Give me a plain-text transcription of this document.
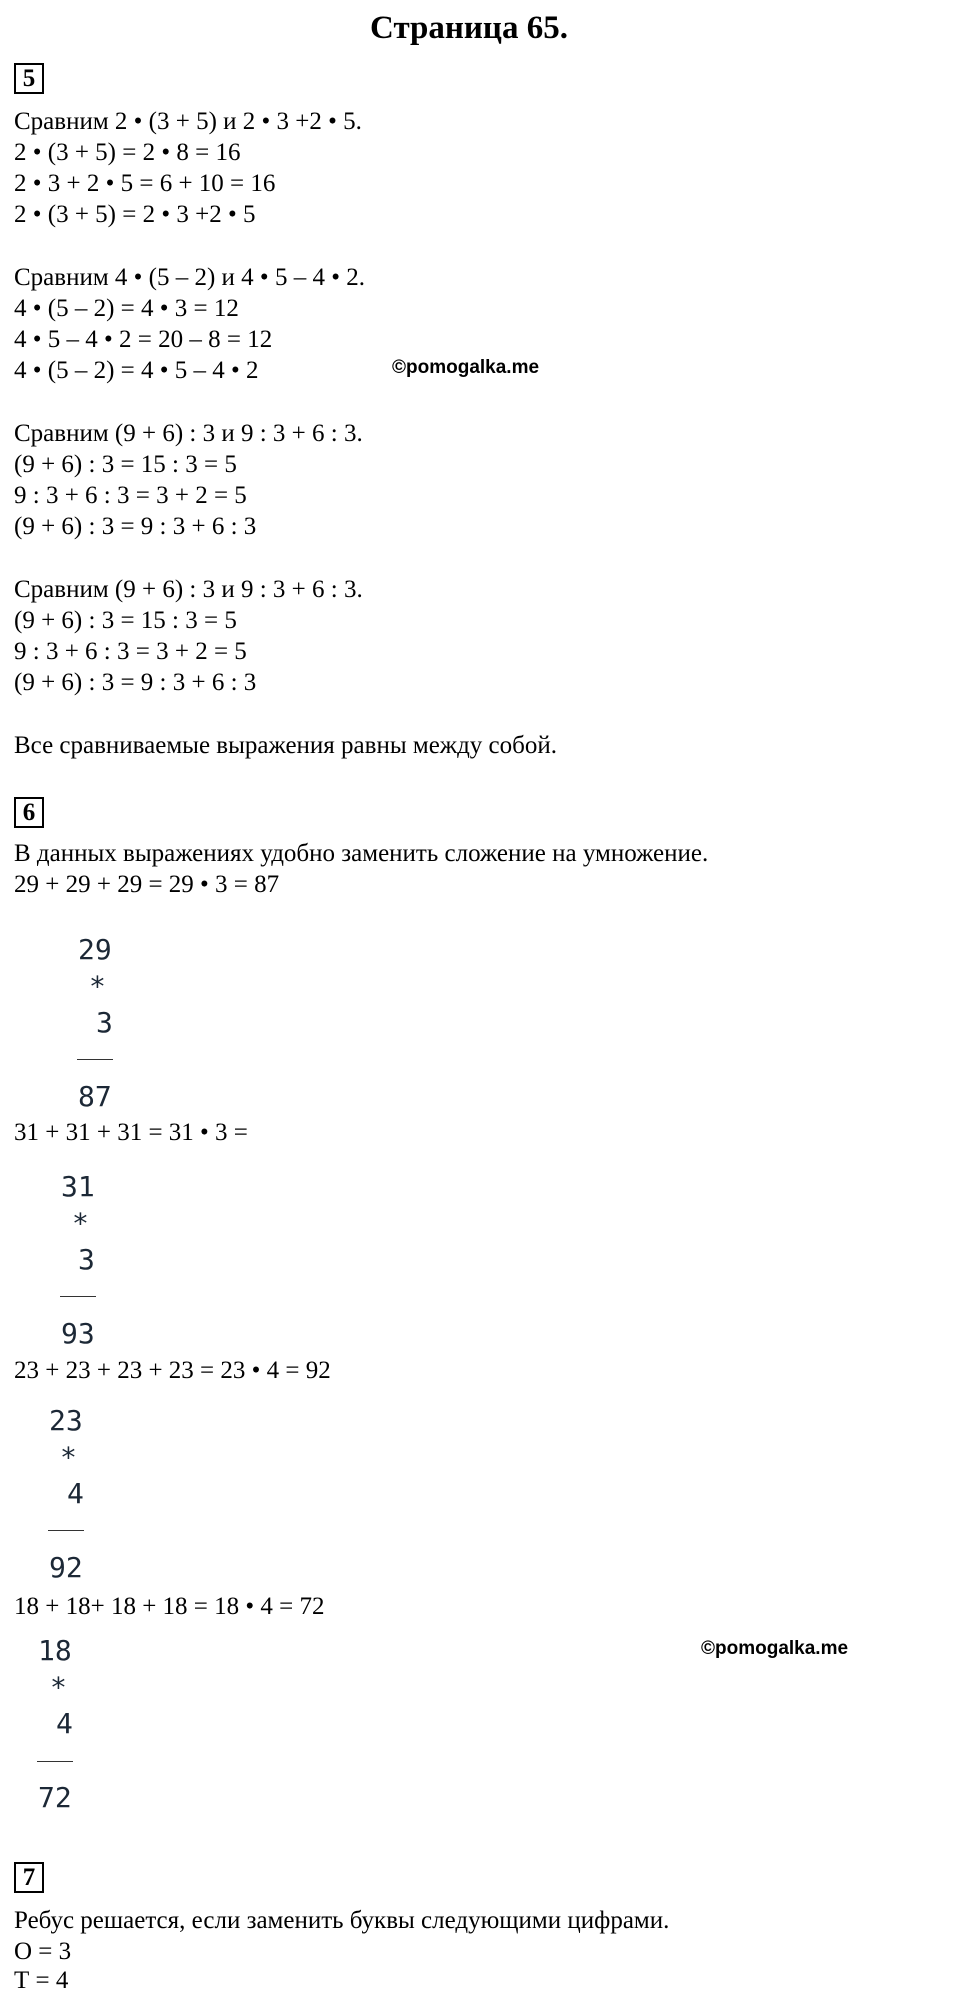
Страница 65.
5
Сравним 2 • (3 + 5) и 2 • 3 +2 • 5.
2 • (3 + 5) = 2 • 8 = 16
2 • 3 + 2 • 5 = 6 + 10 = 16
2 • (3 + 5) = 2 • 3 +2 • 5
Сравним 4 • (5 – 2) и 4 • 5 – 4 • 2.
4 • (5 – 2) = 4 • 3 = 12
4 • 5 – 4 • 2 = 20 – 8 = 12
4 • (5 – 2) = 4 • 5 – 4 • 2	©pomogalka.me
Сравним (9 + 6) : 3 и 9 : 3 + 6 : 3.
(9 + 6) : 3 = 15 : 3 = 5
9 : 3 + 6 : 3 = 3 + 2 = 5
(9 + 6) : 3 = 9 : 3 + 6 : 3
Сравним (9 + 6) : 3 и 9 : 3 + 6 : 3.
(9 + 6) : 3 = 15 : 3 = 5
9 : 3 + 6 : 3 = 3 + 2 = 5
(9 + 6) : 3 = 9 : 3 + 6 : 3
Все сравниваемые выражения равны между собой.
6
В данных выражениях удобно заменить сложение на умножение.
29 + 29 + 29 = 29 • 3 = 87
29
*
3
87
31 + 31 + 31 = 31 • 3 =
31
*
3
93
23 + 23 + 23 + 23 = 23 • 4 = 92
23
*
4
92
18 + 18+ 18 + 18 = 18 • 4 = 72
18
*
4
72
©pomogalka.me
7
Ребус решается, если заменить буквы следующими цифрами.
О = 3
Т = 4
